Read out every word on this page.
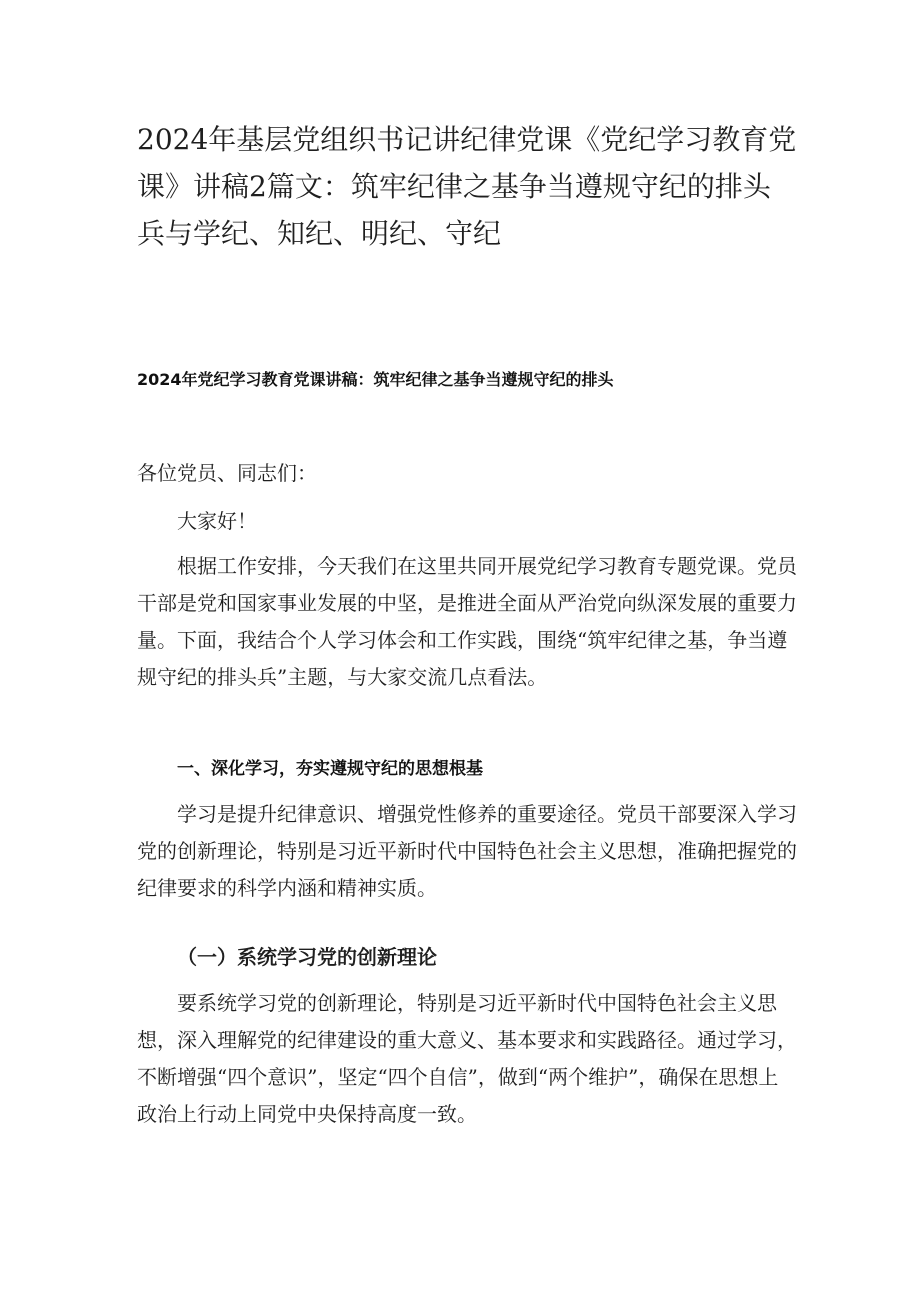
2024年基层党组织书记讲纪律党课《党纪学习教育党课》讲稿2篇文：筑牢纪律之基争当遵规守纪的排头兵与学纪、知纪、明纪、守纪
2024年党纪学习教育党课讲稿：筑牢纪律之基争当遵规守纪的排头

各位党员、同志们：

大家好！

根据工作安排，今天我们在这里共同开展党纪学习教育专题党课。党员干部是党和国家事业发展的中坚，是推进全面从严治党向纵深发展的重要力量。下面，我结合个人学习体会和工作实践，围绕“筑牢纪律之基，争当遵规守纪的排头兵”主题，与大家交流几点看法。

一、深化学习，夯实遵规守纪的思想根基

学习是提升纪律意识、增强党性修养的重要途径。党员干部要深入学习党的创新理论，特别是习近平新时代中国特色社会主义思想，准确把握党的纪律要求的科学内涵和精神实质。

（一）系统学习党的创新理论

要系统学习党的创新理论，特别是习近平新时代中国特色社会主义思想，深入理解党的纪律建设的重大意义、基本要求和实践路径。通过学习，不断增强“四个意识”，坚定“四个自信”，做到“两个维护”，确保在思想上政治上行动上同党中央保持高度一致。
